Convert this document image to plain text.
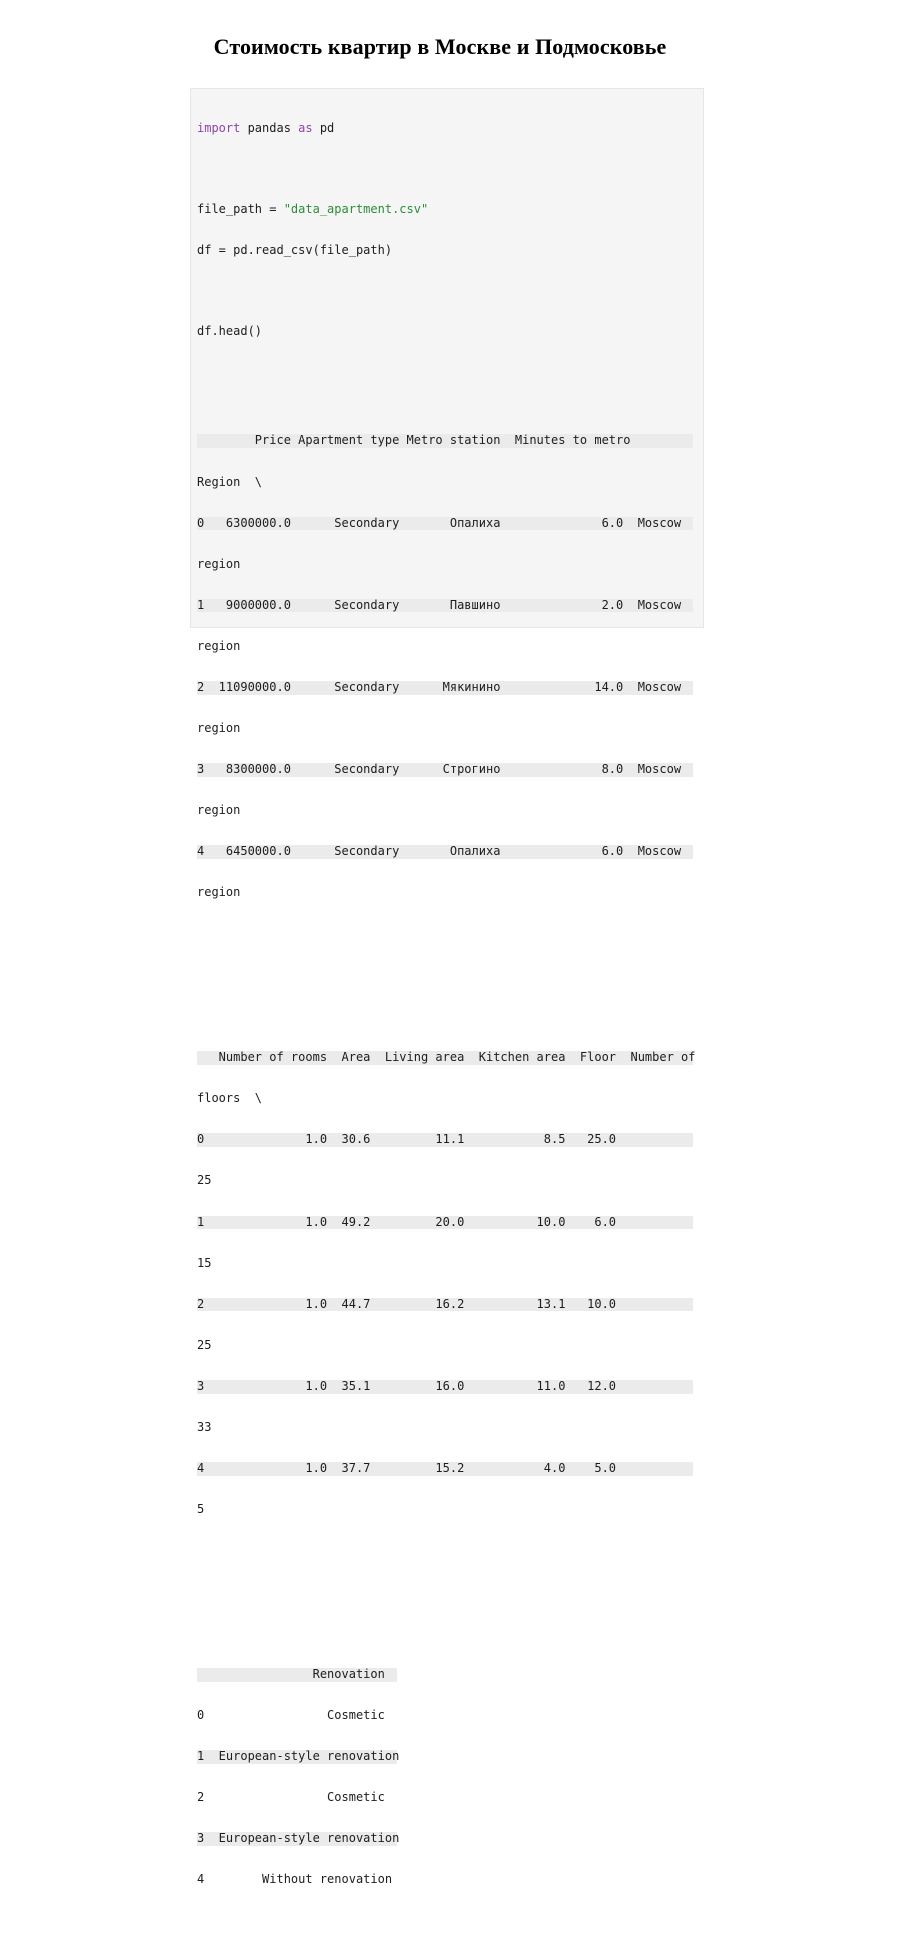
Стоимость квартир в Москве и Подмосковье

import pandas as pd

file_path = "data_apartment.csv"

df = pd.read_csv(file_path)

df.head()

Price Apartment type Metro station  Minutes to metro

Region  \

0   6300000.0      Secondary       Опалиха              6.0  Moscow

region

1   9000000.0      Secondary       Павшино              2.0  Moscow

region

2  11090000.0      Secondary      Мякинино             14.0  Moscow

region

3   8300000.0      Secondary      Строгино              8.0  Moscow

region

4   6450000.0      Secondary       Опалиха              6.0  Moscow

region

Number of rooms  Area  Living area  Kitchen area  Floor  Number of

floors  \

0              1.0  30.6         11.1           8.5   25.0

25

1              1.0  49.2         20.0          10.0    6.0

15

2              1.0  44.7         16.2          13.1   10.0

25

3              1.0  35.1         16.0          11.0   12.0

33

4              1.0  37.7         15.2           4.0    5.0

5

Renovation

0                 Cosmetic

1  European-style renovation

2                 Cosmetic

3  European-style renovation

4        Without renovation
